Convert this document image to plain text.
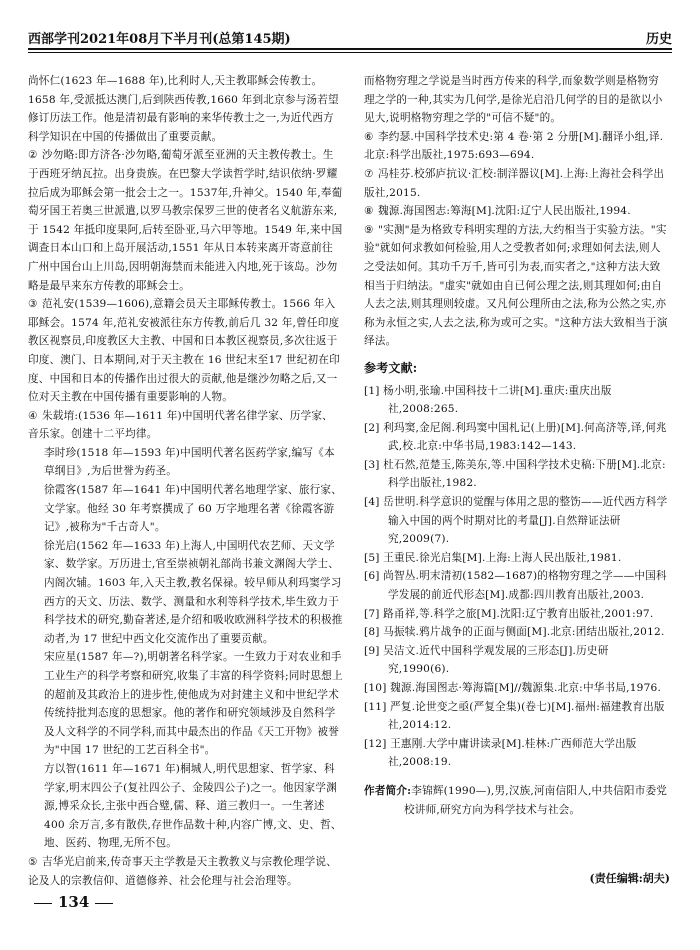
西部学刊2021年08月下半月刊(总第145期)	历史

尚怀仁(1623 年—1688 年),比利时人,天主教耶稣会传教士。1658 年,受派抵达澳门,后到陕西传教,1660 年到北京参与汤若望修订历法工作。他是清初最有影响的来华传教士之一,为近代西方科学知识在中国的传播做出了重要贡献。

② 沙勿略:即方济各·沙勿略,葡萄牙派至亚洲的天主教传教士。生于西班牙纳瓦拉。出身贵族。在巴黎大学读哲学时,结识依纳·罗耀拉后成为耶稣会第一批会士之一。1537年,升神父。1540 年,奉葡萄牙国王若奥三世派遣,以罗马教宗保罗三世的使者名义航游东来,于 1542 年抵印度果阿,后转至卧亚,马六甲等地。1549 年,来中国调查日本山口和上岛开展活动,1551 年从日本转来离开寄意前往广州中国台山上川岛,因明朝海禁而未能进入内地,死于该岛。沙勿略是最早来东方传教的耶稣会士。

③ 范礼安(1539—1606),意籍会员天主耶稣传教士。1566 年入耶稣会。1574 年,范礼安被派往东方传教,前后几 32 年,曾任印度教区视察员,印度教区大主教、中国和日本教区视察员,多次往返于印度、澳门、日本期间,对于天主教在 16 世纪末至17 世纪初在印度、中国和日本的传播作出过很大的贡献,他是继沙勿略之后,又一位对天主教在中国传播有重要影响的人物。

④ 朱载堉:(1536 年—1611 年)中国明代著名律学家、历学家、音乐家。创建十二平均律。

李时珍(1518 年—1593 年)中国明代著名医药学家,编写《本草纲目》,为后世誉为药圣。

徐霞客(1587 年—1641 年)中国明代著名地理学家、旅行家、文学家。他经 30 年考察撰成了 60 万字地理名著《徐霞客游记》,被称为"千古奇人"。

徐光启(1562 年—1633 年)上海人,中国明代农艺师、天文学家、数学家。万历进士,官至崇祯朝礼部尚书兼文渊阁大学士、内阁次辅。1603 年,入天主教,教名保禄。较早师从利玛窦学习西方的天文、历法、数学、测量和水利等科学技术,毕生致力于科学技术的研究,勤奋著述,是介绍和吸收欧洲科学技术的积极推动者,为 17 世纪中西文化交流作出了重要贡献。

宋应星(1587 年—?),明朝著名科学家。一生致力于对农业和手工业生产的科学考察和研究,收集了丰富的科学资料;同时思想上的超前及其政治上的进步性,使他成为对封建主义和中世纪学术传统持批判态度的思想家。他的著作和研究领域涉及自然科学及人文科学的不同学科,而其中最杰出的作品《天工开物》被誉为"中国 17 世纪的工艺百科全书"。

方以智(1611 年—1671 年)桐城人,明代思想家、哲学家、科学家,明末四公子(复社四公子、金陵四公子)之一。他因家学渊源,博采众长,主张中西合璧,儒、释、道三教归一。一生著述 400 余万言,多有散佚,存世作品数十种,内容广博,文、史、哲、地、医药、物理,无所不包。

⑤ 吉华光启前来,传奇事天主学教是天主教教义与宗教伦理学说、论及人的宗教信仰、道德修养、社会伦理与社会治理等。

而格物穷理之学说是当时西方传来的科学,而象数学则是格物穷理之学的一种,其实为几何学,是徐光启沿几何学的目的是欲以小见大,说明格物穷理之学的"可信不疑"的。

⑥ 李约瑟.中国科学技术史:第 4 卷·第 2 分册[M].翻译小组,译.北京:科学出版社,1975:693—694.

⑦ 冯桂芬.校邠庐抗议·汇校:制洋器议[M].上海:上海社会科学出版社,2015.

⑧ 魏源.海国图志:筹海[M].沈阳:辽宁人民出版社,1994.

⑨ "实测"是为格致专科明实理的方法,大约相当于实验方法。"实验"就如何求教如何检验,用人之受教者如何;求理如何去法,则人之受法如何。其功千万千,皆可引为表,而实者之,"这种方法大致相当于归纳法。"虚实"就如由自已何公理之法,则其理如何;由自人去之法,则其理则较虚。又凡何公理所由之法,称为公然之实,亦称为永恒之实,人去之法,称为或可之实。"这种方法大致相当于演绎法。

参考文献:

[1] 杨小明,张瑜.中国科技十二讲[M].重庆:重庆出版社,2008:265.

[2] 利玛窦,金尼阁.利玛窦中国札记(上册)[M].何高济等,译,何兆武,校.北京:中华书局,1983:142—143.

[3] 杜石然,范楚玉,陈美东,等.中国科学技术史稿:下册[M].北京:科学出版社,1982.

[4] 岳世明.科学意识的觉醒与体用之思的整饬——近代西方科学输入中国的两个时期对比的考量[J].自然辩证法研究,2009(7).

[5] 王重民.徐光启集[M].上海:上海人民出版社,1981.

[6] 尚智丛.明末清初(1582—1687)的格物穷理之学——中国科学发展的前近代形态[M].成都:四川教育出版社,2003.

[7] 路甬祥,等.科学之旅[M].沈阳:辽宁教育出版社,2001:97.

[8] 马振犊.鸦片战争的正面与侧面[M].北京:团结出版社,2012.

[9] 吴洁文.近代中国科学观发展的三形态[J].历史研究,1990(6).

[10] 魏源.海国图志·筹海篇[M]//魏源集.北京:中华书局,1976.

[11] 严复.论世变之亟(严复全集)(卷七)[M].福州:福建教育出版社,2014:12.

[12] 王惠刚.大学中庸讲读录[M].桂林:广西师范大学出版社,2008:19.

作者简介:李锦辉(1990—),男,汉族,河南信阳人,中共信阳市委党校讲师,研究方向为科学技术与社会。
(责任编辑:胡夫)
134
